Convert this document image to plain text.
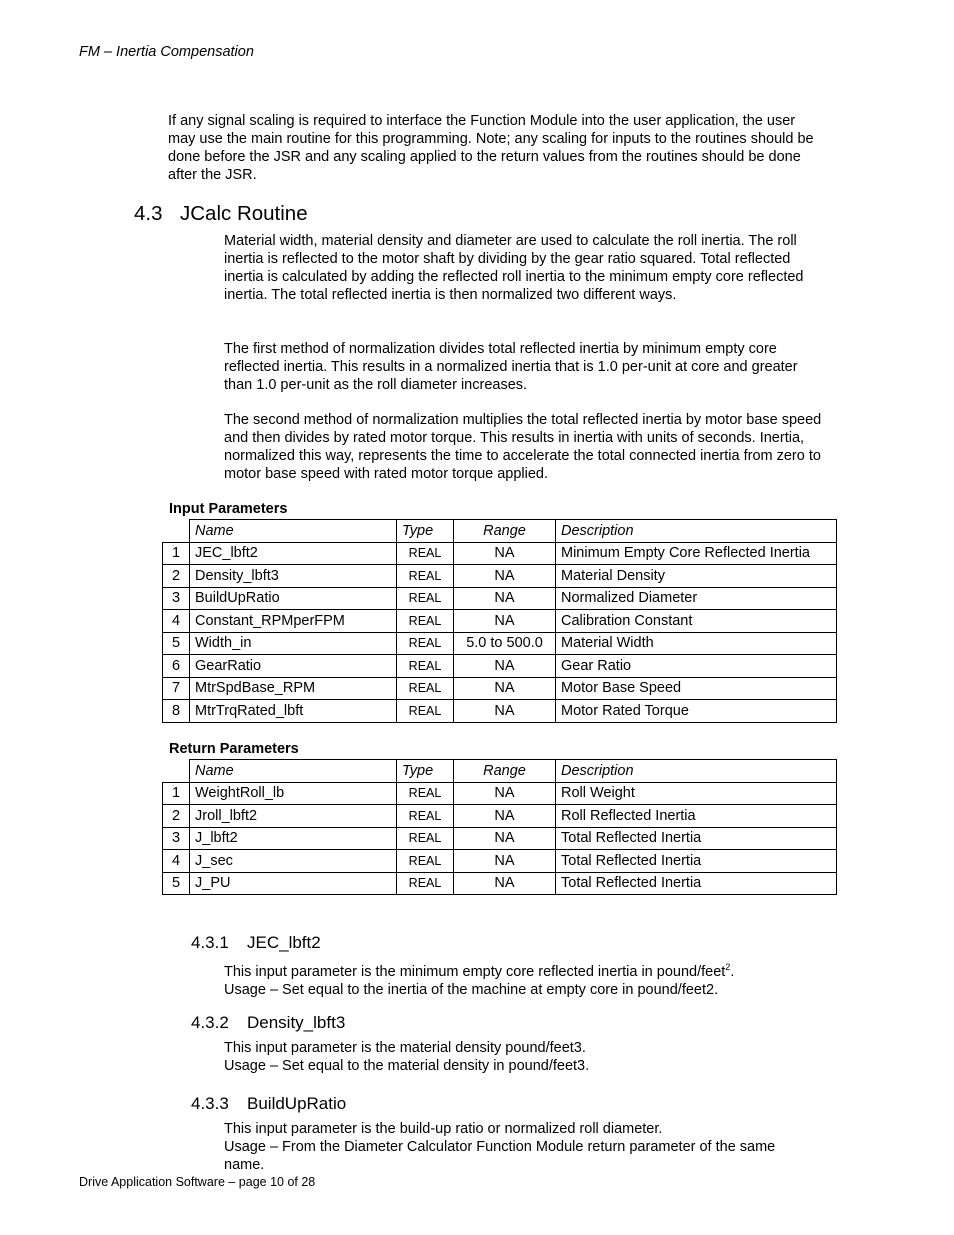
FM – Inertia Compensation

If any signal scaling is required to interface the Function Module into the user application, the user may use the main routine for this programming. Note; any scaling for inputs to the routines should be done before the JSR and any scaling applied to the return values from the routines should be done after the JSR.

4.3 JCalc Routine

Material width, material density and diameter are used to calculate the roll inertia. The roll inertia is reflected to the motor shaft by dividing by the gear ratio squared. Total reflected inertia is calculated by adding the reflected roll inertia to the minimum empty core reflected inertia. The total reflected inertia is then normalized two different ways.

The first method of normalization divides total reflected inertia by minimum empty core reflected inertia. This results in a normalized inertia that is 1.0 per-unit at core and greater than 1.0 per-unit as the roll diameter increases.

The second method of normalization multiplies the total reflected inertia by motor base speed and then divides by rated motor torque. This results in inertia with units of seconds. Inertia, normalized this way, represents the time to accelerate the total connected inertia from zero to motor base speed with rated motor torque applied.

Input Parameters
	Name	Type	Range	Description
1	JEC_lbft2	REAL	NA	Minimum Empty Core Reflected Inertia
2	Density_lbft3	REAL	NA	Material Density
3	BuildUpRatio	REAL	NA	Normalized Diameter
4	Constant_RPMperFPM	REAL	NA	Calibration Constant
5	Width_in	REAL	5.0 to 500.0	Material Width
6	GearRatio	REAL	NA	Gear Ratio
7	MtrSpdBase_RPM	REAL	NA	Motor Base Speed
8	MtrTrqRated_lbft	REAL	NA	Motor Rated Torque
Return Parameters
	Name	Type	Range	Description
1	WeightRoll_lb	REAL	NA	Roll Weight
2	Jroll_lbft2	REAL	NA	Roll Reflected Inertia
3	J_lbft2	REAL	NA	Total Reflected Inertia
4	J_sec	REAL	NA	Total Reflected Inertia
5	J_PU	REAL	NA	Total Reflected Inertia
4.3.1 JEC_lbft2

This input parameter is the minimum empty core reflected inertia in pound/feet$^2$.

Usage – Set equal to the inertia of the machine at empty core in pound/feet2.

4.3.2 Density_lbft3

This input parameter is the material density pound/feet3.

Usage – Set equal to the material density in pound/feet3.

4.3.3 BuildUpRatio

This input parameter is the build-up ratio or normalized roll diameter.

Usage – From the Diameter Calculator Function Module return parameter of the same name.

Drive Application Software – page 10 of 28
